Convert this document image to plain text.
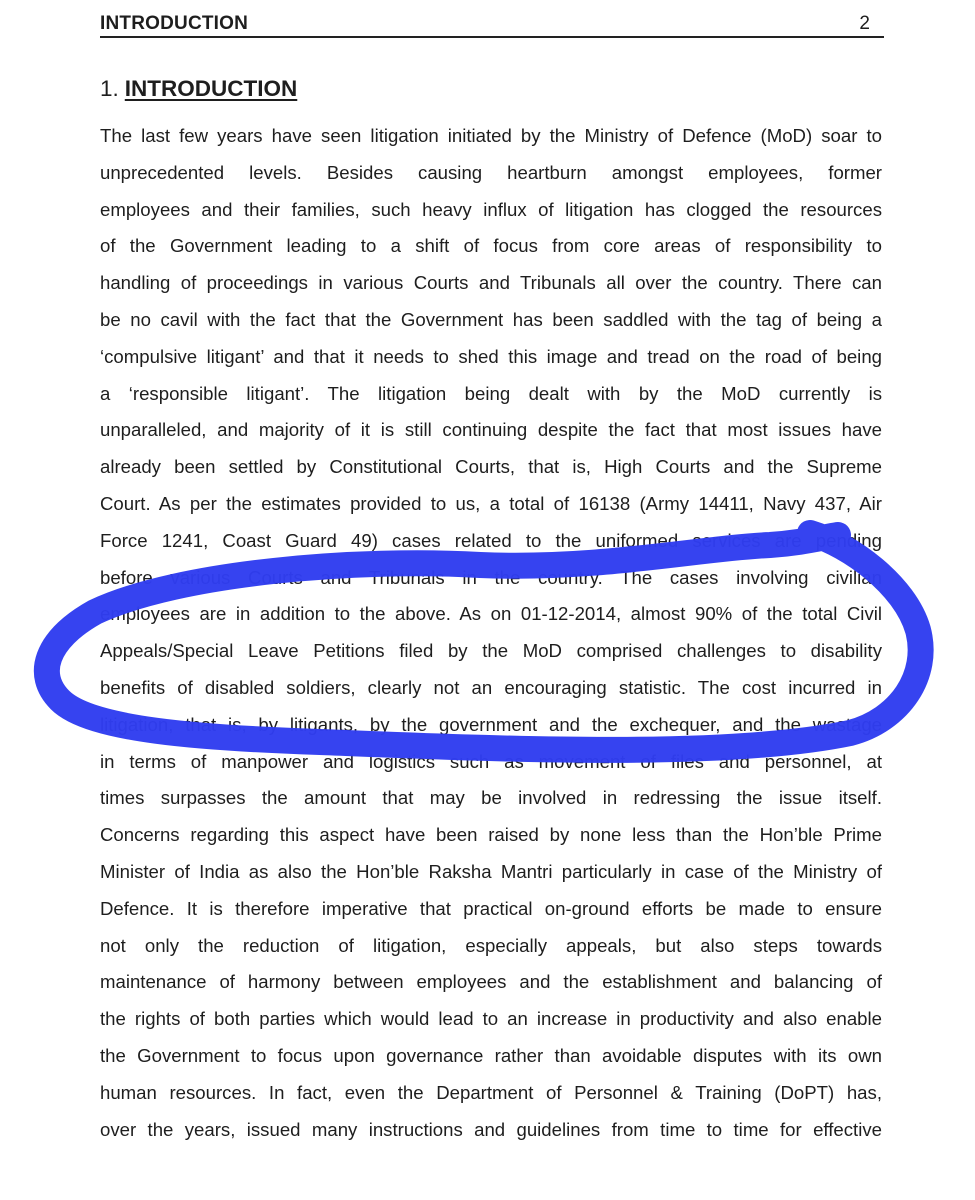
INTRODUCTION	2
1. INTRODUCTION
The last few years have seen litigation initiated by the Ministry of Defence (MoD) soar to
unprecedented levels. Besides causing heartburn amongst employees, former
employees and their families, such heavy influx of litigation has clogged the resources
of the Government leading to a shift of focus from core areas of responsibility to
handling of proceedings in various Courts and Tribunals all over the country. There can
be no cavil with the fact that the Government has been saddled with the tag of being a
‘compulsive litigant’ and that it needs to shed this image and tread on the road of being
a ‘responsible litigant’. The litigation being dealt with by the MoD currently is
unparalleled, and majority of it is still continuing despite the fact that most issues have
already been settled by Constitutional Courts, that is, High Courts and the Supreme
Court. As per the estimates provided to us, a total of 16138 (Army 14411, Navy 437, Air
Force 1241, Coast Guard 49) cases related to the uniformed services are pending
before various Courts and Tribunals in the country. The cases involving civilian
employees are in addition to the above. As on 01-12-2014, almost 90% of the total Civil
Appeals/Special Leave Petitions filed by the MoD comprised challenges to disability
benefits of disabled soldiers, clearly not an encouraging statistic. The cost incurred in
litigation, that is, by litigants, by the government and the exchequer, and the wastage
in terms of manpower and logistics such as movement of files and personnel, at
times surpasses the amount that may be involved in redressing the issue itself.
Concerns regarding this aspect have been raised by none less than the Hon’ble Prime
Minister of India as also the Hon’ble Raksha Mantri particularly in case of the Ministry of
Defence. It is therefore imperative that practical on-ground efforts be made to ensure
not only the reduction of litigation, especially appeals, but also steps towards
maintenance of harmony between employees and the establishment and balancing of
the rights of both parties which would lead to an increase in productivity and also enable
the Government to focus upon governance rather than avoidable disputes with its own
human resources. In fact, even the Department of Personnel & Training (DoPT) has,
over the years, issued many instructions and guidelines from time to time for effective
